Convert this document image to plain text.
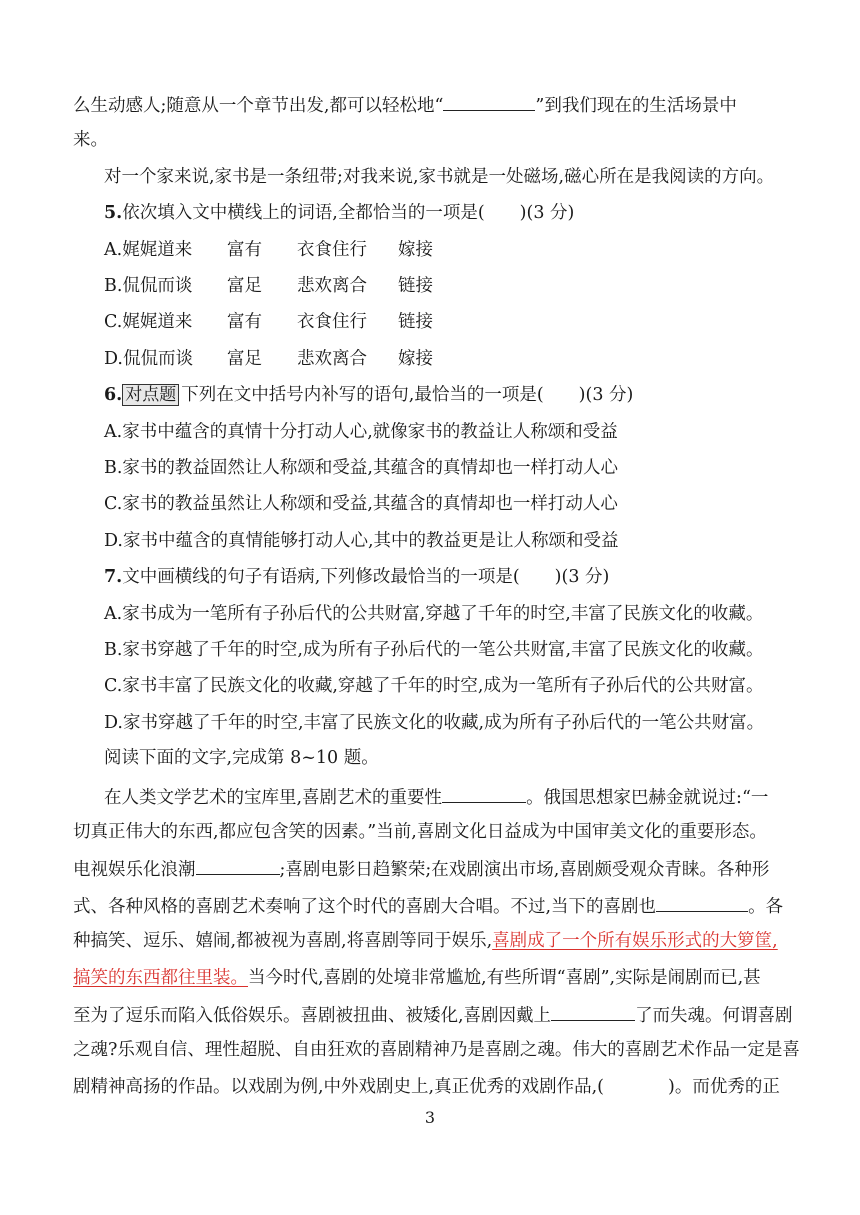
么生动感人;随意从一个章节出发,都可以轻松地“	”到我们现在的生活场景中
来。
对一个家来说,家书是一条纽带;对我来说,家书就是一处磁场,磁心所在是我阅读的方向。
5.依次填入文中横线上的词语,全都恰当的一项是(　　)(3 分)
A.娓娓道来 富有 衣食住行 嫁接
B.侃侃而谈 富足 悲欢离合 链接
C.娓娓道来 富有 衣食住行 链接
D.侃侃而谈 富足 悲欢离合 嫁接
6. 对点题 下列在文中括号内补写的语句,最恰当的一项是(　　)(3 分)
A.家书中蕴含的真情十分打动人心,就像家书的教益让人称颂和受益
B.家书的教益固然让人称颂和受益,其蕴含的真情却也一样打动人心
C.家书的教益虽然让人称颂和受益,其蕴含的真情却也一样打动人心
D.家书中蕴含的真情能够打动人心,其中的教益更是让人称颂和受益
7.文中画横线的句子有语病,下列修改最恰当的一项是(　　)(3 分)
A.家书成为一笔所有子孙后代的公共财富,穿越了千年的时空,丰富了民族文化的收藏。
B.家书穿越了千年的时空,成为所有子孙后代的一笔公共财富,丰富了民族文化的收藏。
C.家书丰富了民族文化的收藏,穿越了千年的时空,成为一笔所有子孙后代的公共财富。
D.家书穿越了千年的时空,丰富了民族文化的收藏,成为所有子孙后代的一笔公共财富。
阅读下面的文字,完成第 8~10 题。
在人类文学艺术的宝库里,喜剧艺术的重要性	。俄国思想家巴赫金就说过:“一
切真正伟大的东西,都应包含笑的因素。”当前,喜剧文化日益成为中国审美文化的重要形态。
电视娱乐化浪潮	;喜剧电影日趋繁荣;在戏剧演出市场,喜剧颇受观众青睐。各种形
式、各种风格的喜剧艺术奏响了这个时代的喜剧大合唱。不过,当下的喜剧也	。各
种搞笑、逗乐、嬉闹,都被视为喜剧,将喜剧等同于娱乐,喜剧成了一个所有娱乐形式的大箩筐,
搞笑的东西都往里装。当今时代,喜剧的处境非常尴尬,有些所谓“喜剧”,实际是闹剧而已,甚
至为了逗乐而陷入低俗娱乐。喜剧被扭曲、被矮化,喜剧因戴上	了而失魂。何谓喜剧
之魂?乐观自信、理性超脱、自由狂欢的喜剧精神乃是喜剧之魂。伟大的喜剧艺术作品一定是喜
剧精神高扬的作品。以戏剧为例,中外戏剧史上,真正优秀的戏剧作品,(	)。而优秀的正
3
